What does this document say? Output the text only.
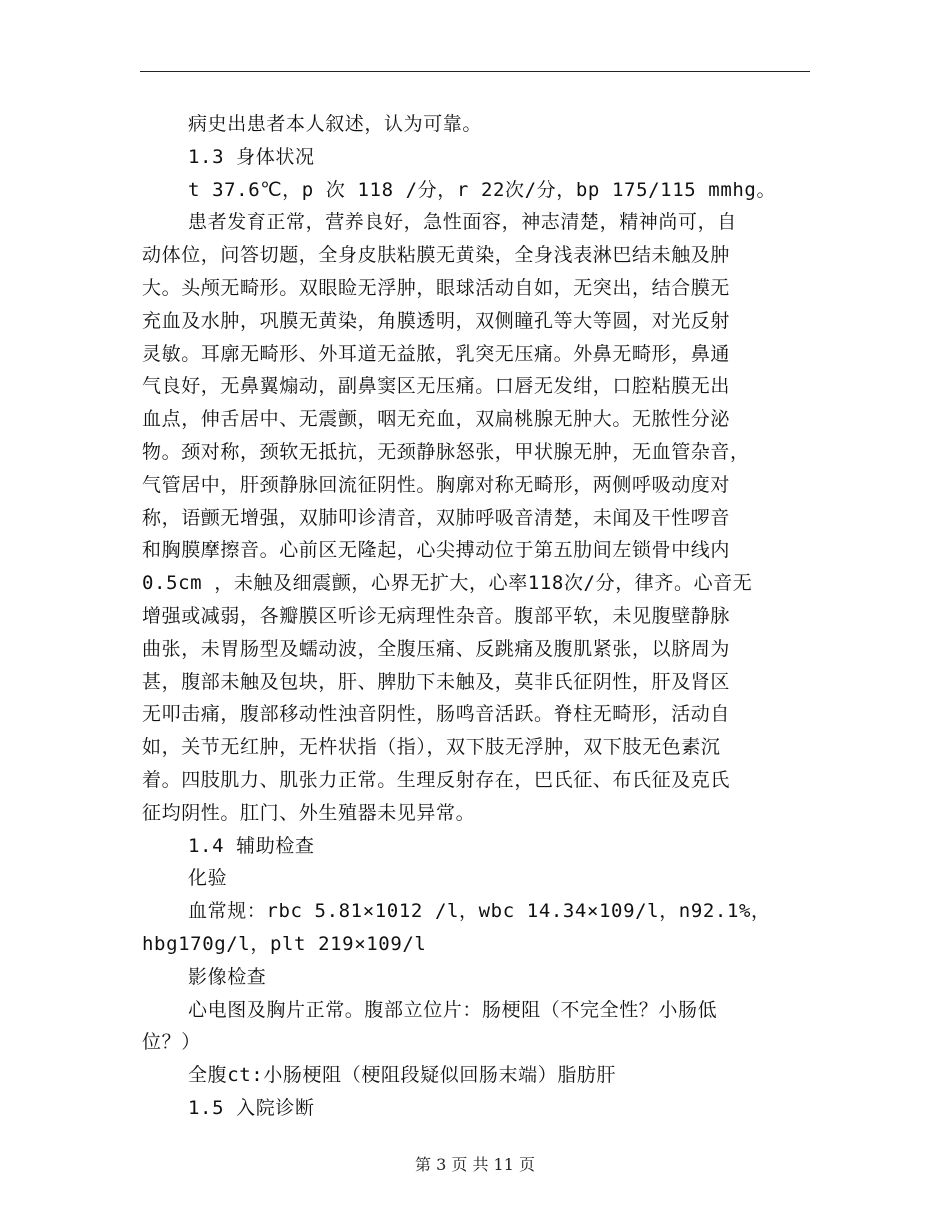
病史出患者本人叙述，认为可靠。
1.3 身体状况
t 37.6℃，p 次 118 /分，r 22次/分，bp 175/115 mmhg。
患者发育正常，营养良好，急性面容，神志清楚，精神尚可，自
动体位，问答切题，全身皮肤粘膜无黄染，全身浅表淋巴结未触及肿
大。头颅无畸形。双眼睑无浮肿，眼球活动自如，无突出，结合膜无
充血及水肿，巩膜无黄染，角膜透明，双侧瞳孔等大等圆，对光反射
灵敏。耳廓无畸形、外耳道无益脓，乳突无压痛。外鼻无畸形，鼻通
气良好，无鼻翼煽动，副鼻窦区无压痛。口唇无发绀，口腔粘膜无出
血点，伸舌居中、无震颤，咽无充血，双扁桃腺无肿大。无脓性分泌
物。颈对称，颈软无抵抗，无颈静脉怒张，甲状腺无肿，无血管杂音，
气管居中，肝颈静脉回流征阴性。胸廓对称无畸形，两侧呼吸动度对
称，语颤无增强，双肺叩诊清音，双肺呼吸音清楚，未闻及干性啰音
和胸膜摩擦音。心前区无隆起，心尖搏动位于第五肋间左锁骨中线内
0.5cm ，未触及细震颤，心界无扩大，心率118次/分，律齐。心音无
增强或减弱，各瓣膜区听诊无病理性杂音。腹部平软，未见腹壁静脉
曲张，未胃肠型及蠕动波，全腹压痛、反跳痛及腹肌紧张，以脐周为
甚，腹部未触及包块，肝、脾肋下未触及，莫非氏征阴性，肝及肾区
无叩击痛，腹部移动性浊音阴性，肠鸣音活跃。脊柱无畸形，活动自
如，关节无红肿，无杵状指（指），双下肢无浮肿，双下肢无色素沉
着。四肢肌力、肌张力正常。生理反射存在，巴氏征、布氏征及克氏
征均阴性。肛门、外生殖器未见异常。
1.4 辅助检查
化验
血常规：rbc 5.81×1012 /l，wbc 14.34×109/l，n92.1%，
hbg170g/l，plt 219×109/l
影像检查
心电图及胸片正常。腹部立位片：肠梗阻（不完全性？小肠低
位？）
全腹ct:小肠梗阻（梗阻段疑似回肠末端）脂肪肝
1.5 入院诊断
第 3 页 共 11 页
